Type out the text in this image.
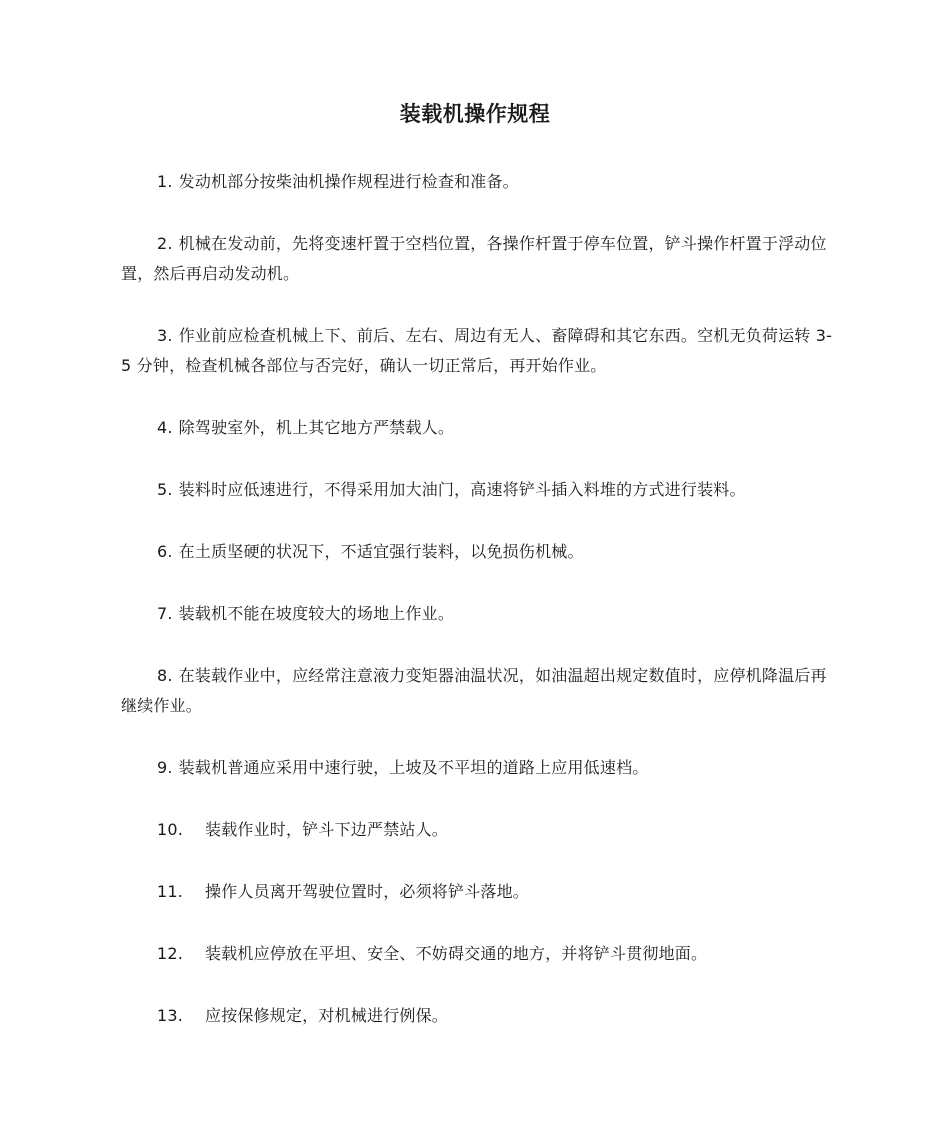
装载机操作规程

1. 发动机部分按柴油机操作规程进行检查和准备。

2. 机械在发动前，先将变速杆置于空档位置，各操作杆置于停车位置，铲斗操作杆置于浮动位置，然后再启动发动机。

3. 作业前应检查机械上下、前后、左右、周边有无人、畜障碍和其它东西。空机无负荷运转 3-5 分钟，检查机械各部位与否完好，确认一切正常后，再开始作业。

4. 除驾驶室外，机上其它地方严禁载人。

5. 装料时应低速进行，不得采用加大油门，高速将铲斗插入料堆的方式进行装料。

6. 在土质坚硬的状况下，不适宜强行装料，以免损伤机械。

7. 装载机不能在坡度较大的场地上作业。

8. 在装载作业中，应经常注意液力变矩器油温状况，如油温超出规定数值时，应停机降温后再继续作业。

9. 装载机普通应采用中速行驶，上坡及不平坦的道路上应用低速档。

10. 装载作业时，铲斗下边严禁站人。

11. 操作人员离开驾驶位置时，必须将铲斗落地。

12. 装载机应停放在平坦、安全、不妨碍交通的地方，并将铲斗贯彻地面。

13. 应按保修规定，对机械进行例保。
